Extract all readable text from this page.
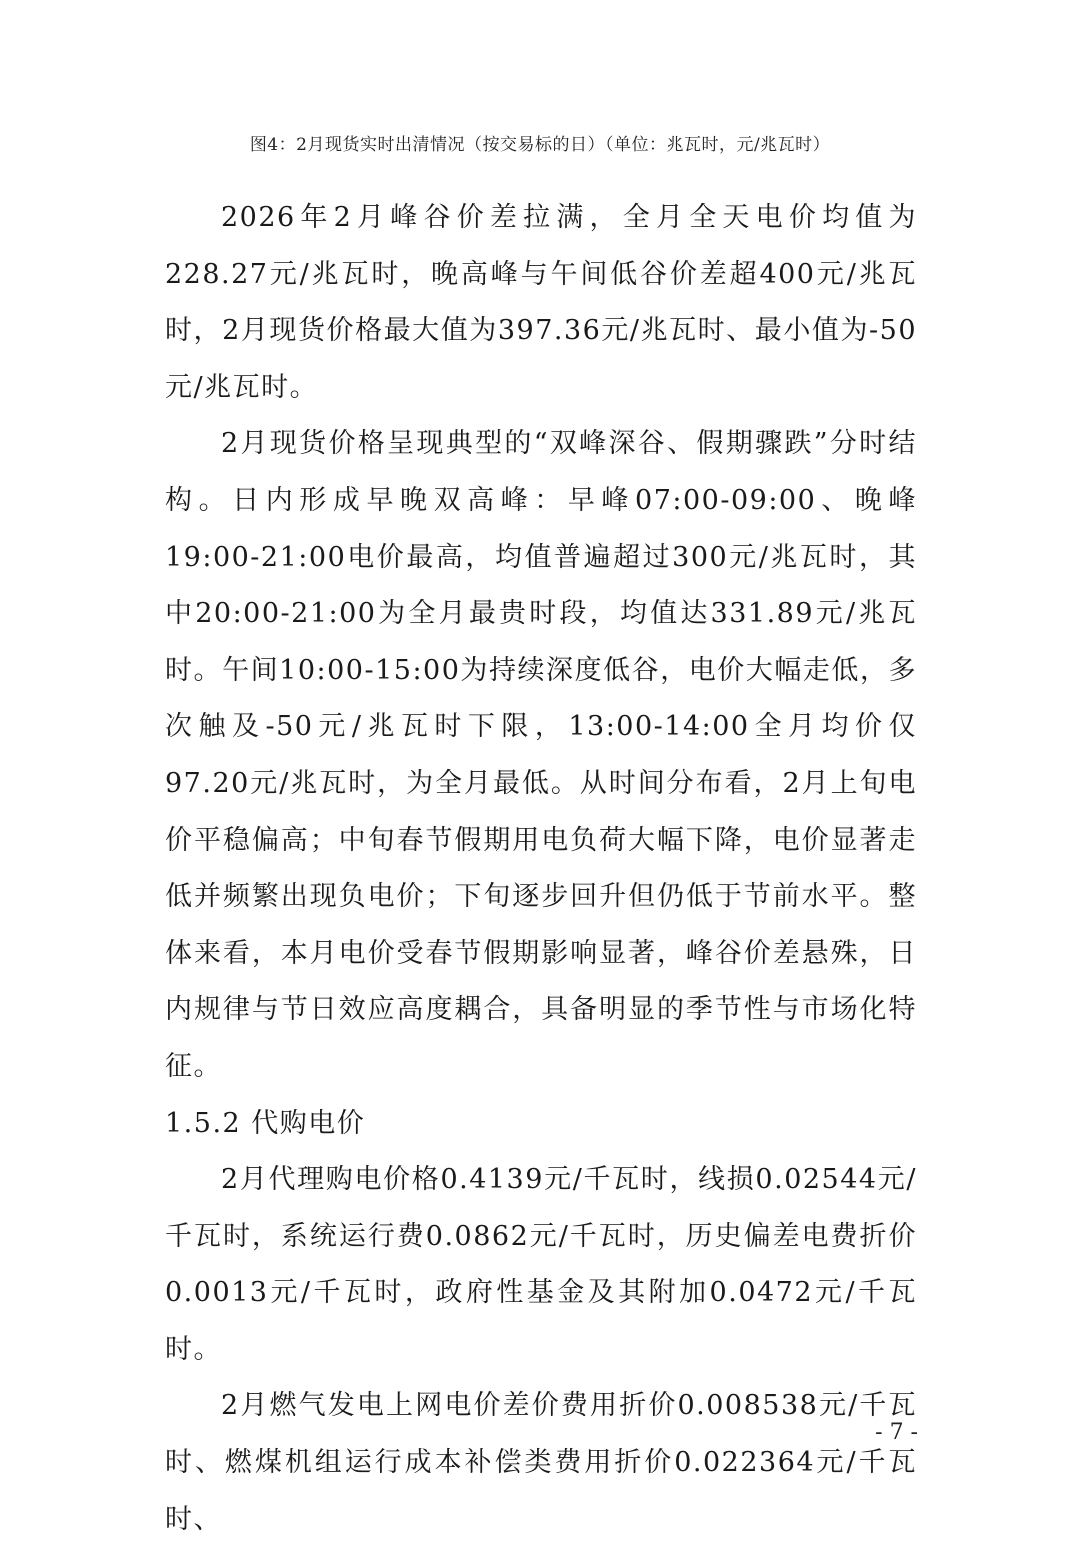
图4：2月现货实时出清情况（按交易标的日）（单位：兆瓦时，元/兆瓦时）

2026年2月峰谷价差拉满，全月全天电价均值为228.27元/兆瓦时，晚高峰与午间低谷价差超400元/兆瓦时，2月现货价格最大值为397.36元/兆瓦时、最小值为-50元/兆瓦时。

2月现货价格呈现典型的“双峰深谷、假期骤跌”分时结构。日内形成早晚双高峰：早峰07:00-09:00、晚峰19:00-21:00电价最高，均值普遍超过300元/兆瓦时，其中20:00-21:00为全月最贵时段，均值达331.89元/兆瓦时。午间10:00-15:00为持续深度低谷，电价大幅走低，多次触及-50元/兆瓦时下限，13:00-14:00全月均价仅97.20元/兆瓦时，为全月最低。从时间分布看，2月上旬电价平稳偏高；中旬春节假期用电负荷大幅下降，电价显著走低并频繁出现负电价；下旬逐步回升但仍低于节前水平。整体来看，本月电价受春节假期影响显著，峰谷价差悬殊，日内规律与节日效应高度耦合，具备明显的季节性与市场化特征。

1.5.2 代购电价

2月代理购电价格0.4139元/千瓦时，线损0.02544元/千瓦时，系统运行费0.0862元/千瓦时，历史偏差电费折价0.0013元/千瓦时，政府性基金及其附加0.0472元/千瓦时。

2月燃气发电上网电价差价费用折价0.008538元/千瓦时、燃煤机组运行成本补偿类费用折价0.022364元/千瓦时、

- 7 -
